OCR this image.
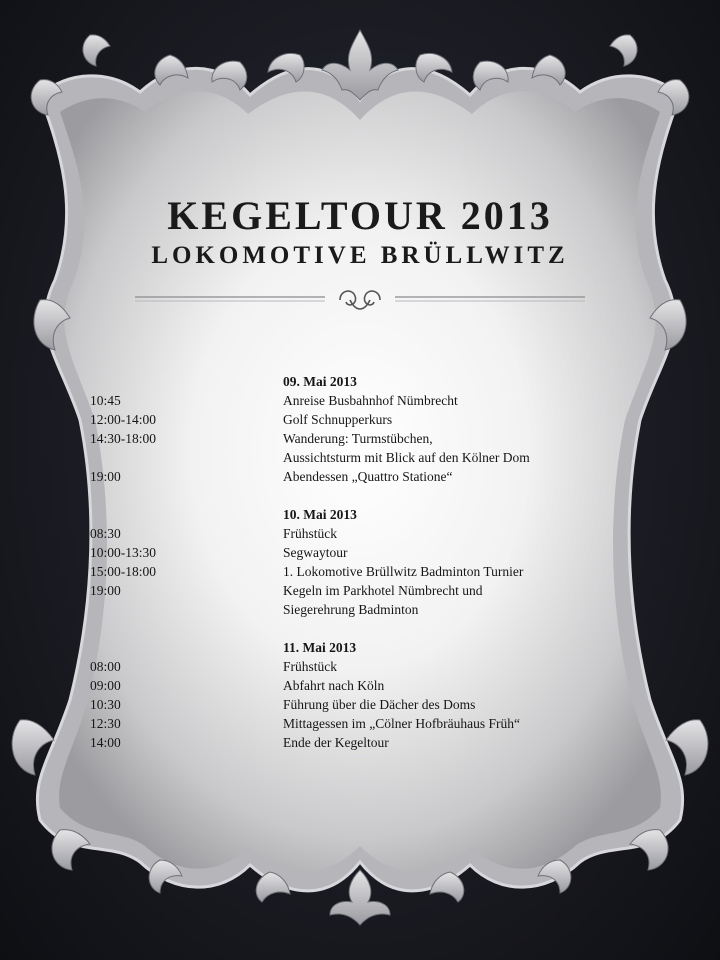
KEGELTOUR 2013
LOKOMOTIVE BRÜLLWITZ
09. Mai 2013
10:45	Anreise Busbahnhof Nümbrecht
12:00-14:00	Golf Schnupperkurs
14:30-18:00	Wanderung: Turmstübchen,
Aussichtsturm mit Blick auf den Kölner Dom
19:00	Abendessen „Quattro Statione“
10. Mai 2013
08:30	Frühstück
10:00-13:30	Segwaytour
15:00-18:00	1. Lokomotive Brüllwitz Badminton Turnier
19:00	Kegeln im Parkhotel Nümbrecht und
Siegerehrung Badminton
11. Mai 2013
08:00	Frühstück
09:00	Abfahrt nach Köln
10:30	Führung über die Dächer des Doms
12:30	Mittagessen im „Cölner Hofbräuhaus Früh“
14:00	Ende der Kegeltour
